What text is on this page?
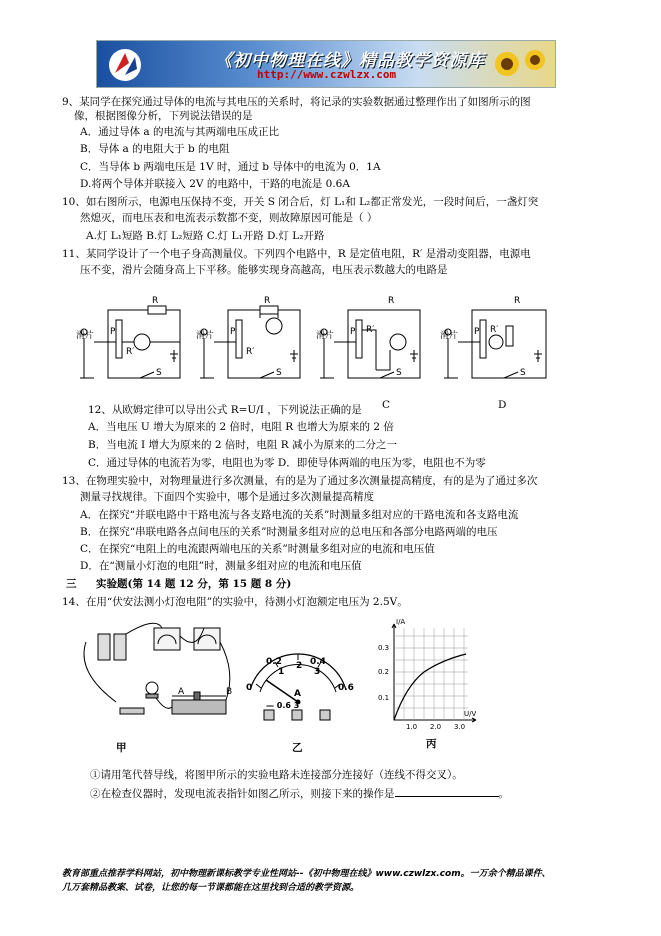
《初中物理在线》精品教学资源库
http://www.czwlzx.com
9、某同学在探究通过导体的电流与其电压的关系时，将记录的实验数据通过整理作出了如图所示的图
像，根据图像分析，下列说法错误的是
A．通过导体 a 的电流与其两端电压成正比
B．导体 a 的电阻大于 b 的电阻
C．当导体 b 两端电压是 1V 时，通过 b 导体中的电流为 0．1A
D.将两个导体并联接入 2V 的电路中，干路的电流是 0.6A
10、如右图所示，电源电压保持不变，开关 S 闭合后，灯 L₁和 L₂都正常发光，一段时间后，一盏灯突
然熄灭，而电压表和电流表示数都不变，则故障原因可能是（ ）
A.灯 L₁短路 B.灯 L₂短路 C.灯 L₁开路 D.灯 L₂开路
11、某同学设计了一个电子身高测量仪。下列四个电路中，R 是定值电阻，R′ 是滑动变阻器，电源电
压不变，滑片会随身高上下平移。能够实现身高越高，电压表示数越大的电路是
滑片 P
R
R′
S
滑片 P
R
R′
S
滑片 P
R
R′
S
滑片 P
R
R′
S
C	D
12、从欧姆定律可以导出公式 R=U/I ，下列说法正确的是
A．当电压 U 增大为原来的 2 倍时，电阻 R 也增大为原来的 2 倍
B．当电流 I 增大为原来的 2 倍时，电阻 R 减小为原来的二分之一
C．通过导体的电流若为零，电阻也为零 D．即使导体两端的电压为零，电阻也不为零
13、在物理实验中，对物理量进行多次测量，有的是为了通过多次测量提高精度，有的是为了通过多次
测量寻找规律。下面四个实验中，哪个是通过多次测量提高精度
A．在探究“并联电路中干路电流与各支路电流的关系”时测量多组对应的干路电流和各支路电流
B．在探究“串联电路各点间电压的关系”时测量多组对应的总电压和各部分电路两端的电压
C．在探究“电阻上的电流跟两端电压的关系”时测量多组对应的电流和电压值
D．在“测量小灯泡的电阻”时，测量多组对应的电流和电压值
三 实验题(第 14 题 12 分，第 15 题 8 分)
14、在用“伏安法测小灯泡电阻”的实验中，待测小灯泡额定电压为 2.5V。
A	B 0
0.2	0.4
0.6
1
2
3
A
— 0.6 3
1.0 2.0 3.0
0.1
0.2
0.3
I/A
U/V
甲	乙	丙
①请用笔代替导线，将图甲所示的实验电路未连接部分连接好（连线不得交叉）。
②在检查仪器时，发现电流表指针如图乙所示，则接下来的操作是	。
教育部重点推荐学科网站，初中物理新课标教学专业性网站--《初中物理在线》www.czwlzx.com。一万余个精品课件、
几万套精品教案、试卷，让您的每一节课都能在这里找到合适的教学资源。
